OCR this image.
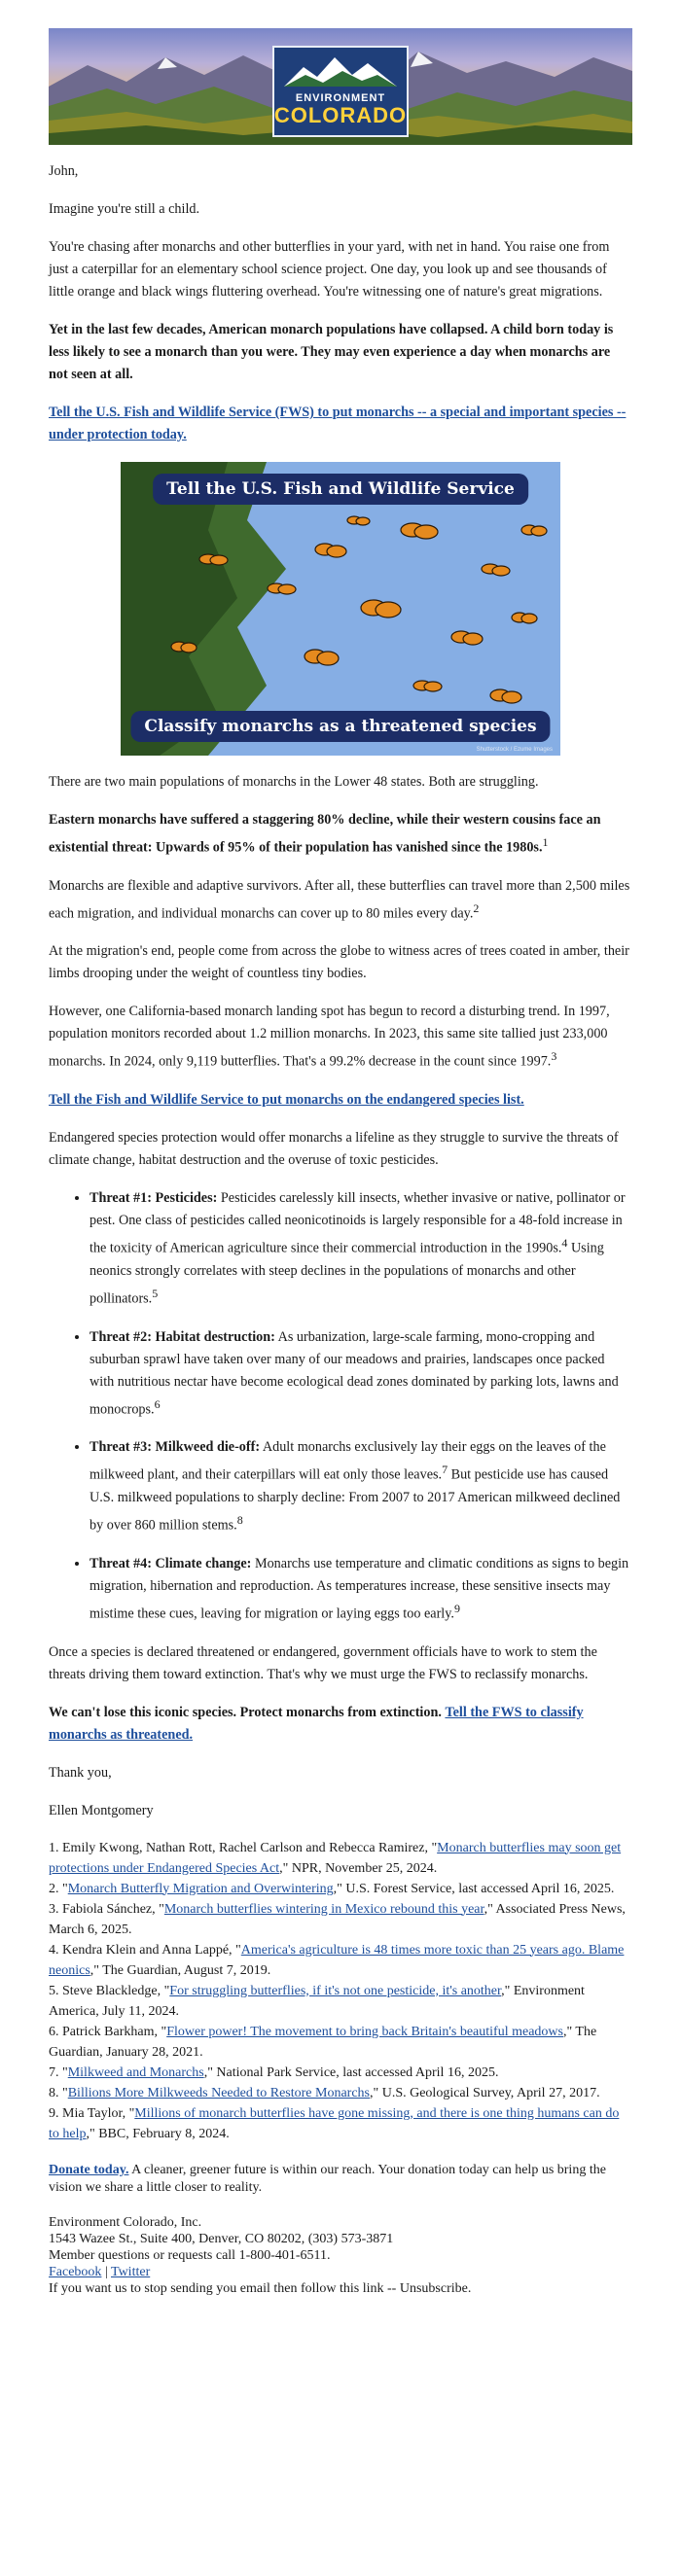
ENVIRONMENT
COLORADO

John,

Imagine you're still a child.

You're chasing after monarchs and other butterflies in your yard, with net in hand. You raise one from just a caterpillar for an elementary school science project. One day, you look up and see thousands of little orange and black wings fluttering overhead. You're witnessing one of nature's great migrations.

Yet in the last few decades, American monarch populations have collapsed. A child born today is less likely to see a monarch than you were. They may even experience a day when monarchs are not seen at all.

Tell the U.S. Fish and Wildlife Service (FWS) to put monarchs -- a special and important species -- under protection today.

Tell the U.S. Fish and Wildlife Service
Classify monarchs as a threatened species
Shutterstock / Ezume Images

There are two main populations of monarchs in the Lower 48 states. Both are struggling.

Eastern monarchs have suffered a staggering 80% decline, while their western cousins face an existential threat: Upwards of 95% of their population has vanished since the 1980s.$^1$

Monarchs are flexible and adaptive survivors. After all, these butterflies can travel more than 2,500 miles each migration, and individual monarchs can cover up to 80 miles every day.$^2$

At the migration's end, people come from across the globe to witness acres of trees coated in amber, their limbs drooping under the weight of countless tiny bodies.

However, one California-based monarch landing spot has begun to record a disturbing trend. In 1997, population monitors recorded about 1.2 million monarchs. In 2023, this same site tallied just 233,000 monarchs. In 2024, only 9,119 butterflies. That's a 99.2% decrease in the count since 1997.$^3$

Tell the Fish and Wildlife Service to put monarchs on the endangered species list.

Endangered species protection would offer monarchs a lifeline as they struggle to survive the threats of climate change, habitat destruction and the overuse of toxic pesticides.

• Threat #1: Pesticides: Pesticides carelessly kill insects, whether invasive or native, pollinator or pest. One class of pesticides called neonicotinoids is largely responsible for a 48-fold increase in the toxicity of American agriculture since their commercial introduction in the 1990s.$^4$ Using neonics strongly correlates with steep declines in the populations of monarchs and other pollinators.$^5$
• Threat #2: Habitat destruction: As urbanization, large-scale farming, mono-cropping and suburban sprawl have taken over many of our meadows and prairies, landscapes once packed with nutritious nectar have become ecological dead zones dominated by parking lots, lawns and monocrops.$^6$
• Threat #3: Milkweed die-off: Adult monarchs exclusively lay their eggs on the leaves of the milkweed plant, and their caterpillars will eat only those leaves.$^7$ But pesticide use has caused U.S. milkweed populations to sharply decline: From 2007 to 2017 American milkweed declined by over 860 million stems.$^8$
• Threat #4: Climate change: Monarchs use temperature and climatic conditions as signs to begin migration, hibernation and reproduction. As temperatures increase, these sensitive insects may mistime these cues, leaving for migration or laying eggs too early.$^9$

Once a species is declared threatened or endangered, government officials have to work to stem the threats driving them toward extinction. That's why we must urge the FWS to reclassify monarchs.

We can't lose this iconic species. Protect monarchs from extinction. Tell the FWS to classify monarchs as threatened.

Thank you,

Ellen Montgomery

1. Emily Kwong, Nathan Rott, Rachel Carlson and Rebecca Ramirez, "Monarch butterflies may soon get protections under Endangered Species Act," NPR, November 25, 2024.

2. "Monarch Butterfly Migration and Overwintering," U.S. Forest Service, last accessed April 16, 2025.

3. Fabiola Sánchez, "Monarch butterflies wintering in Mexico rebound this year," Associated Press News, March 6, 2025.

4. Kendra Klein and Anna Lappé, "America's agriculture is 48 times more toxic than 25 years ago. Blame neonics," The Guardian, August 7, 2019.

5. Steve Blackledge, "For struggling butterflies, if it's not one pesticide, it's another," Environment America, July 11, 2024.

6. Patrick Barkham, "Flower power! The movement to bring back Britain's beautiful meadows," The Guardian, January 28, 2021.

7. "Milkweed and Monarchs," National Park Service, last accessed April 16, 2025.

8. "Billions More Milkweeds Needed to Restore Monarchs," U.S. Geological Survey, April 27, 2017.

9. Mia Taylor, "Millions of monarch butterflies have gone missing, and there is one thing humans can do to help," BBC, February 8, 2024.

Donate today. A cleaner, greener future is within our reach. Your donation today can help us bring the vision we share a little closer to reality.

Environment Colorado, Inc.

1543 Wazee St., Suite 400, Denver, CO 80202, (303) 573-3871

Member questions or requests call 1-800-401-6511.

Facebook | Twitter

If you want us to stop sending you email then follow this link -- Unsubscribe.
